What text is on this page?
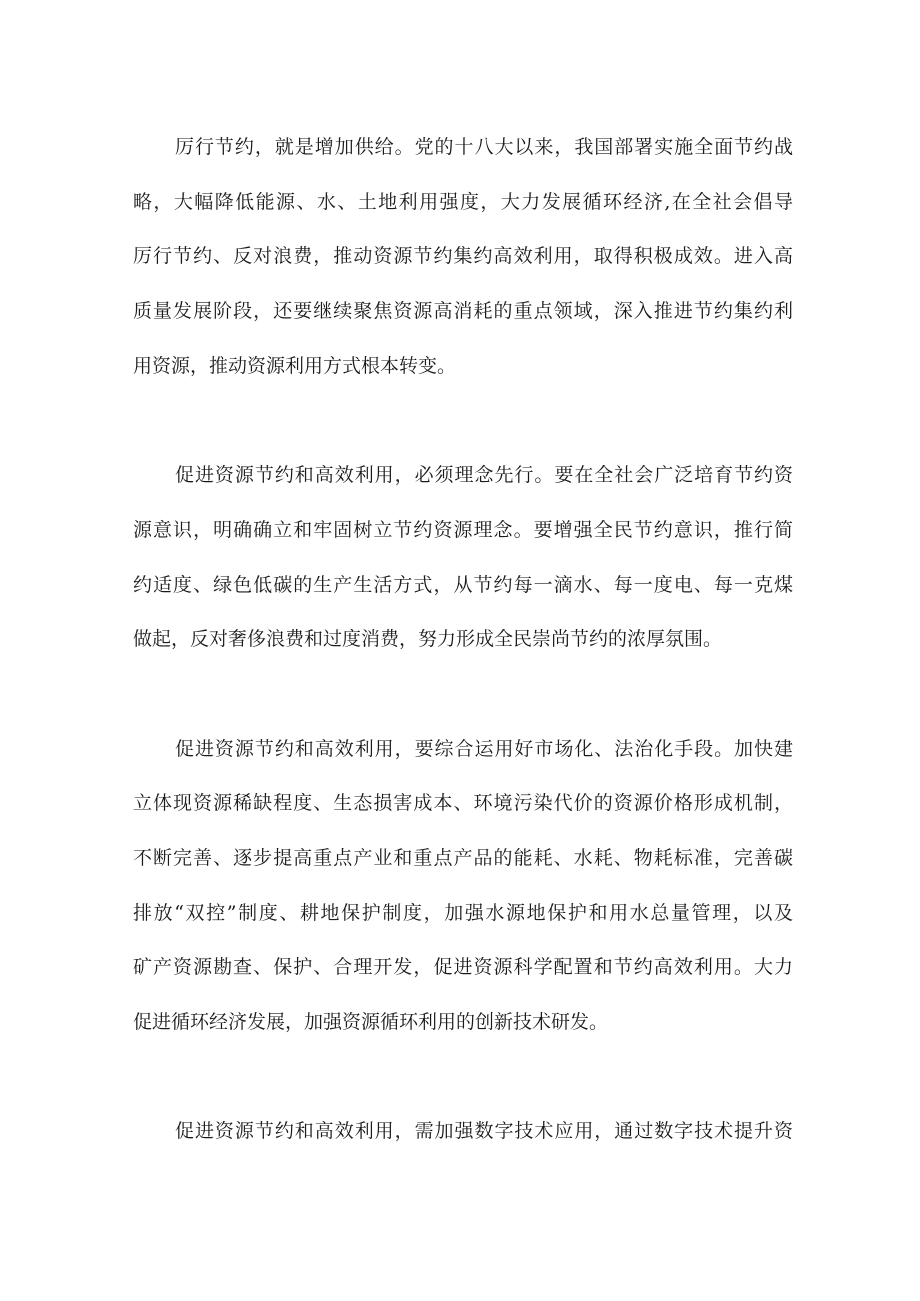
厉行节约，就是增加供给。党的十八大以来，我国部署实施全面节约战
略，大幅降低能源、水、土地利用强度，大力发展循环经济,在全社会倡导
厉行节约、反对浪费，推动资源节约集约高效利用，取得积极成效。进入高
质量发展阶段，还要继续聚焦资源高消耗的重点领域，深入推进节约集约利
用资源，推动资源利用方式根本转变。
促进资源节约和高效利用，必须理念先行。要在全社会广泛培育节约资
源意识，明确确立和牢固树立节约资源理念。要增强全民节约意识，推行简
约适度、绿色低碳的生产生活方式，从节约每一滴水、每一度电、每一克煤
做起，反对奢侈浪费和过度消费，努力形成全民崇尚节约的浓厚氛围。
促进资源节约和高效利用，要综合运用好市场化、法治化手段。加快建
立体现资源稀缺程度、生态损害成本、环境污染代价的资源价格形成机制，
不断完善、逐步提高重点产业和重点产品的能耗、水耗、物耗标准，完善碳
排放“双控”制度、耕地保护制度，加强水源地保护和用水总量管理，以及
矿产资源勘查、保护、合理开发，促进资源科学配置和节约高效利用。大力
促进循环经济发展，加强资源循环利用的创新技术研发。
促进资源节约和高效利用，需加强数字技术应用，通过数字技术提升资
